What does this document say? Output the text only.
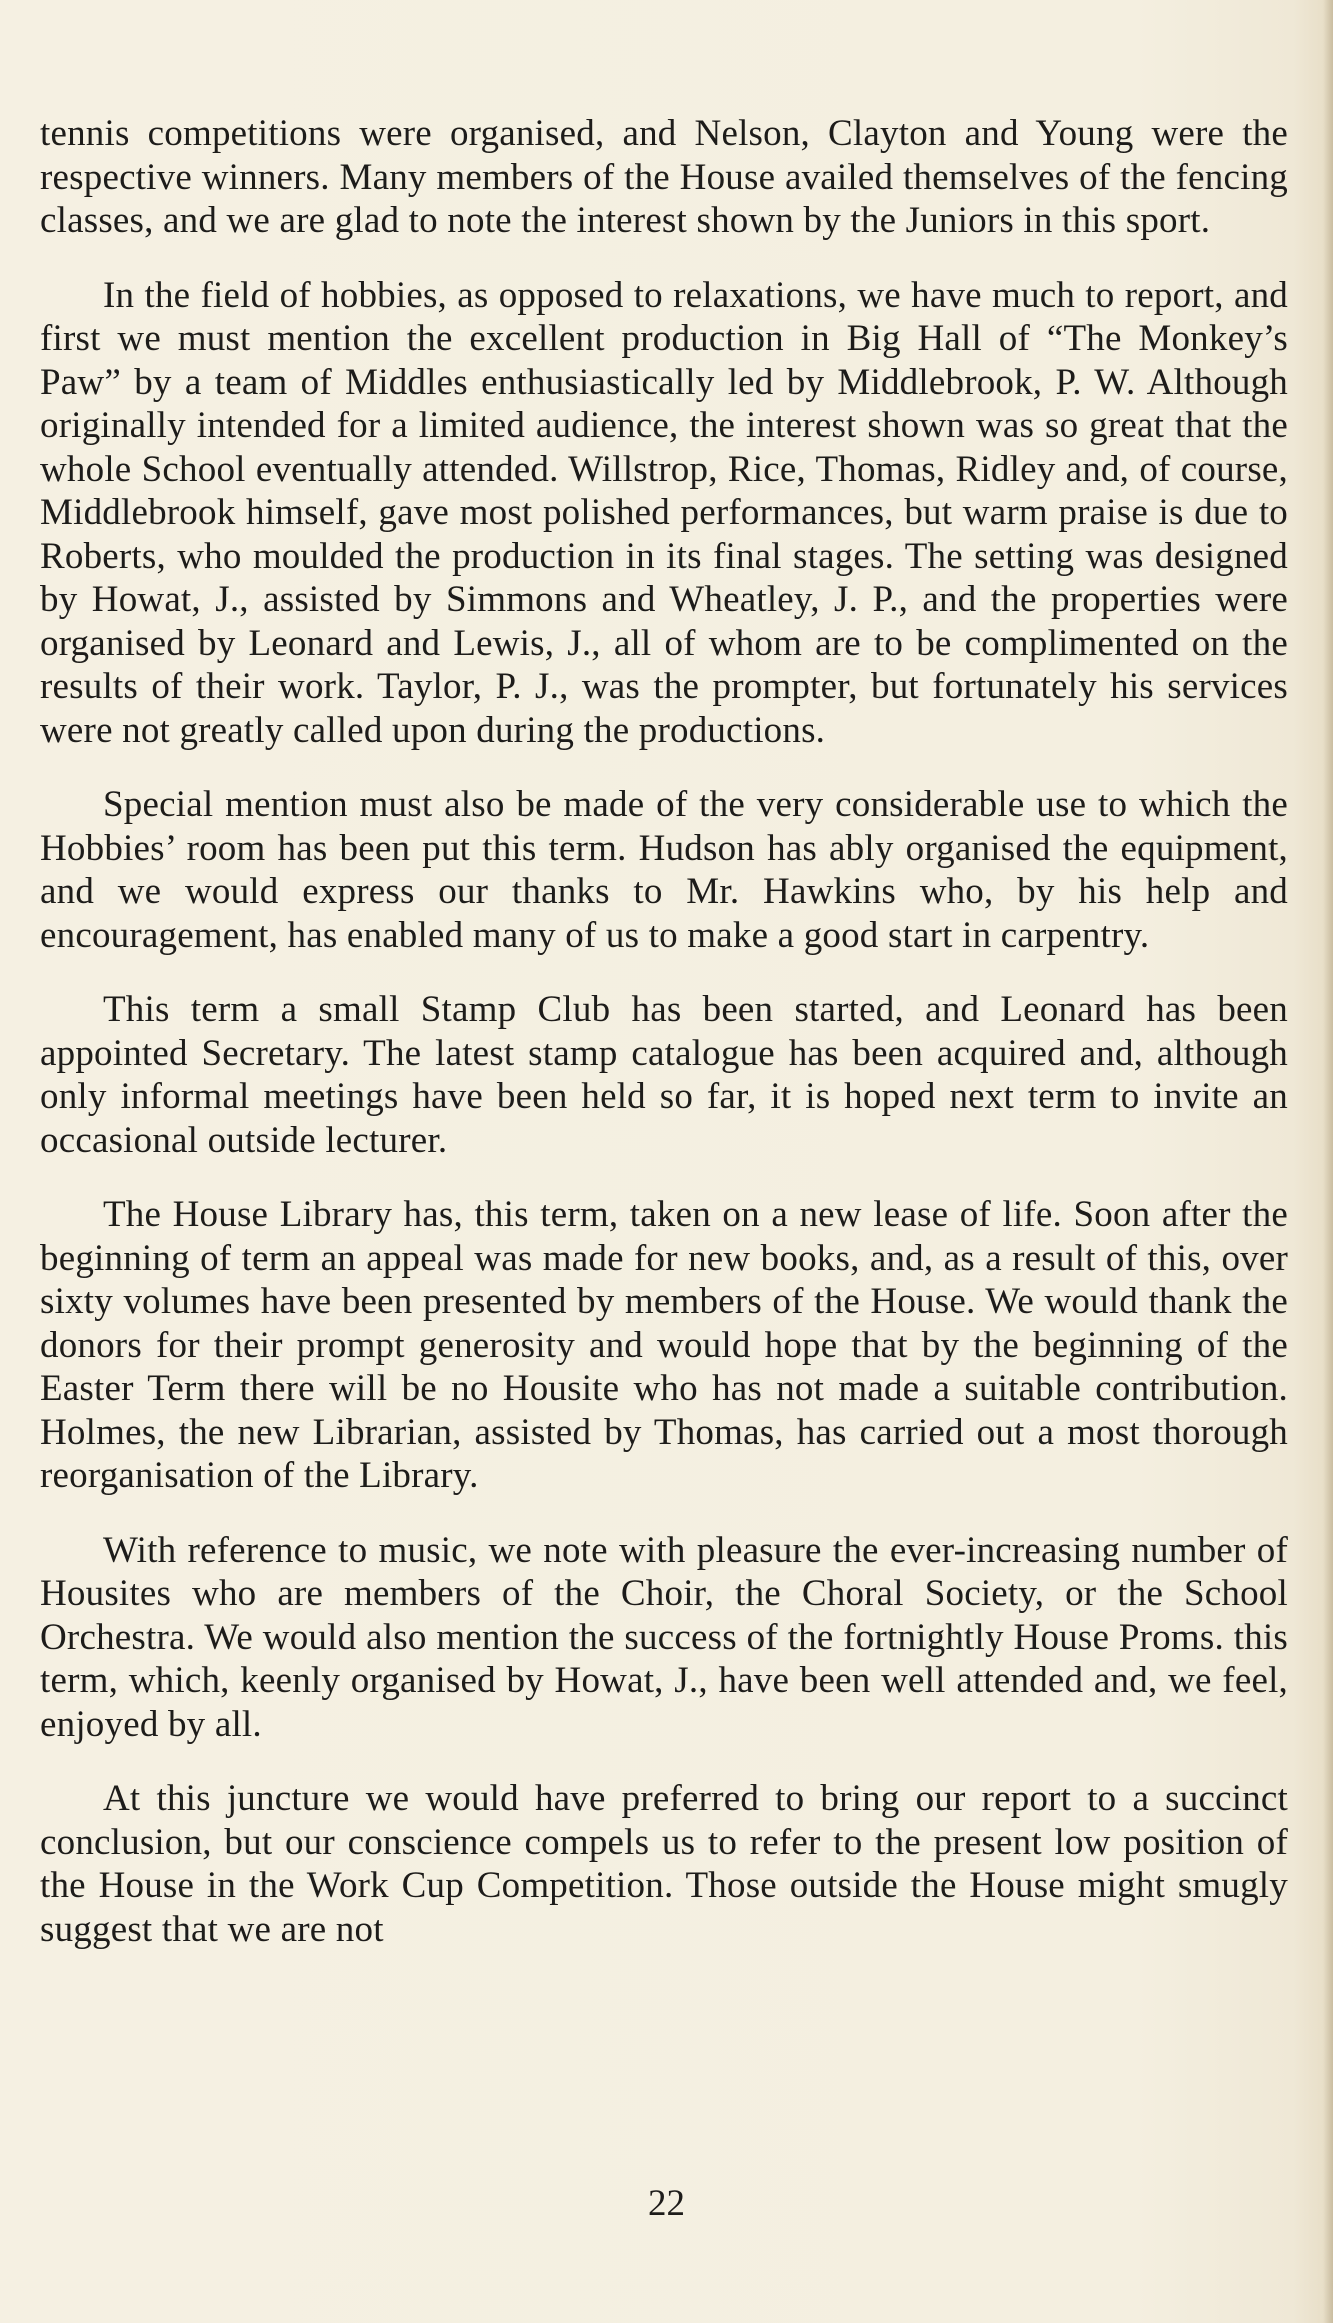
tennis competitions were organised, and Nelson, Clayton and Young were the respective winners. Many members of the House availed themselves of the fencing classes, and we are glad to note the interest shown by the Juniors in this sport.

In the field of hobbies, as opposed to relaxations, we have much to report, and first we must mention the excellent production in Big Hall of “The Monkey’s Paw” by a team of Middles enthusiastically led by Middlebrook, P. W. Although originally intended for a limited audience, the interest shown was so great that the whole School eventually attended. Willstrop, Rice, Thomas, Ridley and, of course, Middlebrook himself, gave most polished performances, but warm praise is due to Roberts, who moulded the production in its final stages. The setting was designed by Howat, J., assisted by Simmons and Wheatley, J. P., and the properties were organised by Leonard and Lewis, J., all of whom are to be complimented on the results of their work. Taylor, P. J., was the prompter, but fortunately his services were not greatly called upon during the productions.

Special mention must also be made of the very considerable use to which the Hobbies’ room has been put this term. Hudson has ably organised the equipment, and we would express our thanks to Mr. Hawkins who, by his help and encouragement, has enabled many of us to make a good start in carpentry.

This term a small Stamp Club has been started, and Leonard has been appointed Secretary. The latest stamp catalogue has been acquired and, although only informal meetings have been held so far, it is hoped next term to invite an occasional outside lecturer.

The House Library has, this term, taken on a new lease of life. Soon after the beginning of term an appeal was made for new books, and, as a result of this, over sixty volumes have been presented by members of the House. We would thank the donors for their prompt generosity and would hope that by the beginning of the Easter Term there will be no Housite who has not made a suitable contribution. Holmes, the new Librarian, assisted by Thomas, has carried out a most thorough reorganisation of the Library.

With reference to music, we note with pleasure the ever-increasing number of Housites who are members of the Choir, the Choral Society, or the School Orchestra. We would also mention the success of the fortnightly House Proms. this term, which, keenly organised by Howat, J., have been well attended and, we feel, enjoyed by all.

At this juncture we would have preferred to bring our report to a succinct conclusion, but our conscience compels us to refer to the present low position of the House in the Work Cup Competition. Those outside the House might smugly suggest that we are not

22
